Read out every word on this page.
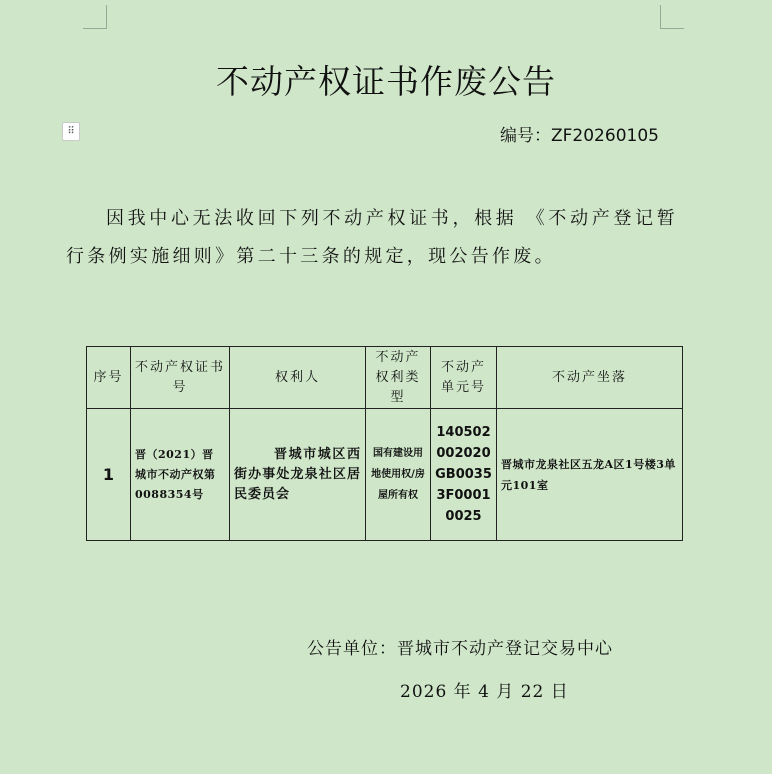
不动产权证书作废公告
⠿	编号：ZF20260105
因我中心无法收回下列不动产权证书，根据 《不动产登记暂行条例实施细则》第二十三条的规定，现公告作废。
序号	不动产权证书号	权利人	不动产权利类型	不动产单元号	不动产坐落
1	晋（2021）晋城市不动产权第0088354号	晋城市城区西街办事处龙泉社区居民委员会	国有建设用地使用权/房屋所有权	140502002020GB00353F00010025	晋城市龙泉社区五龙A区1号楼3单元101室
公告单位：晋城市不动产登记交易中心
2026 年 4 月 22 日
